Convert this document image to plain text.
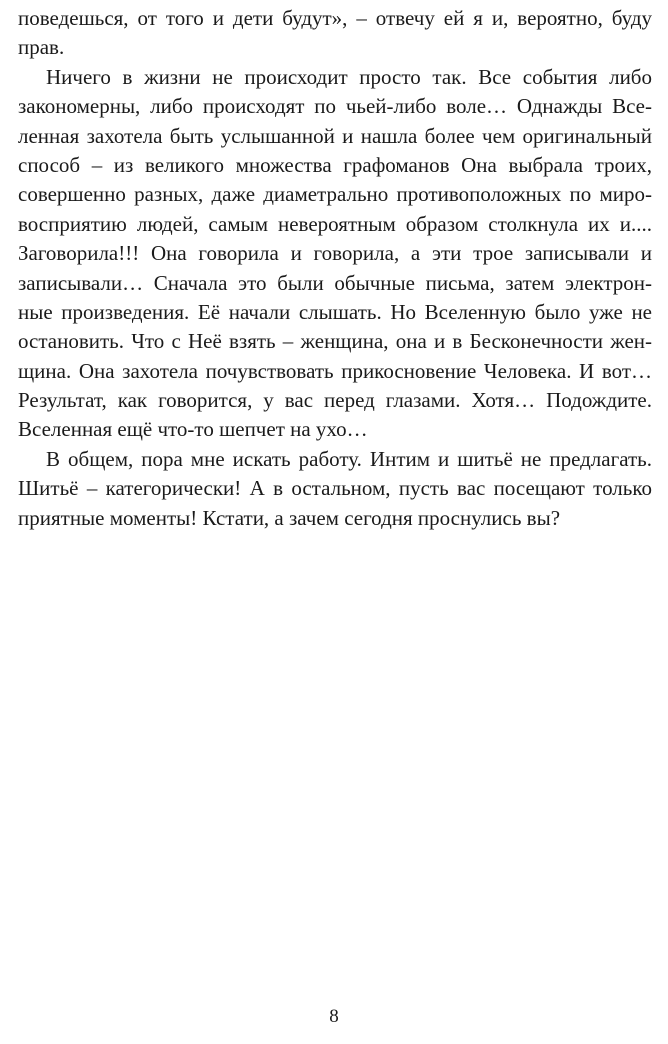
поведешься, от того и дети будут», – отвечу ей я и, вероятно, буду
прав.
Ничего в жизни не происходит просто так. Все события либо
закономерны, либо происходят по чьей-либо воле… Однажды Все-
ленная захотела быть услышанной и нашла более чем оригинальный
способ – из великого множества графоманов Она выбрала троих,
совершенно разных, даже диаметрально противоположных по миро-
восприятию людей, самым невероятным образом столкнула их и....
Заговорила!!! Она говорила и говорила, а эти трое записывали и
записывали… Сначала это были обычные письма, затем электрон-
ные произведения. Её начали слышать. Но Вселенную было уже не
остановить. Что с Неё взять – женщина, она и в Бесконечности жен-
щина. Она захотела почувствовать прикосновение Человека. И вот…
Результат, как говорится, у вас перед глазами. Хотя… Подождите.
Вселенная ещё что-то шепчет на ухо…
В общем, пора мне искать работу. Интим и шитьё не предлагать.
Шитьё – категорически! А в остальном, пусть вас посещают только
приятные моменты! Кстати, а зачем сегодня проснулись вы?
8
